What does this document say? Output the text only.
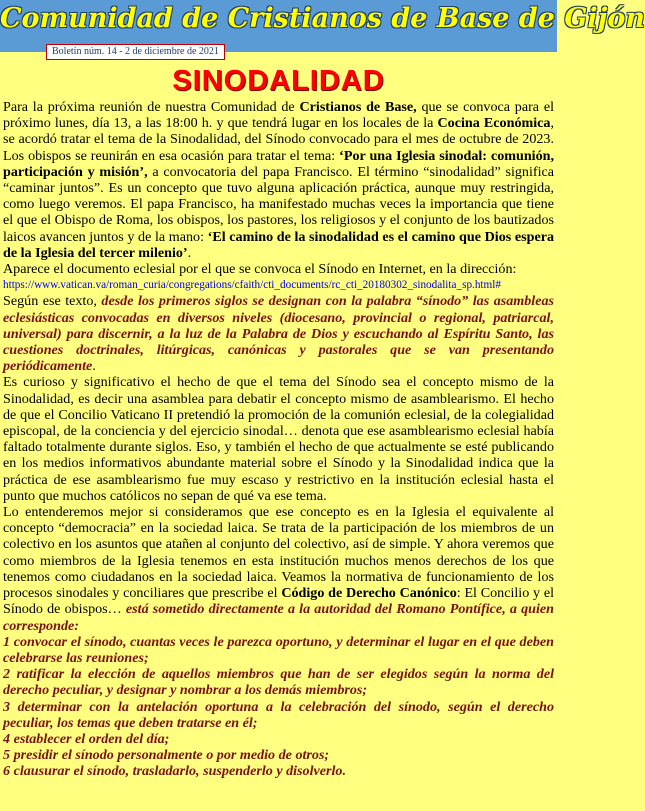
Comunidad de Cristianos de Base de Gijón
Boletín núm. 14 - 2 de diciembre de 2021
SINODALIDAD

Para la próxima reunión de nuestra Comunidad de Cristianos de Base, que se convoca para el próximo lunes, día 13, a las 18:00 h. y que tendrá lugar en los locales de la Cocina Económica, se acordó tratar el tema de la Sinodalidad, del Sínodo convocado para el mes de octubre de 2023. Los obispos se reunirán en esa ocasión para tratar el tema: ‘Por una Iglesia sinodal: comunión, participación y misión’, a convocatoria del papa Francisco. El término “sinodalidad” significa “caminar juntos”. Es un concepto que tuvo alguna aplicación práctica, aunque muy restringida, como luego veremos. El papa Francisco, ha manifestado muchas veces la importancia que tiene el que el Obispo de Roma, los obispos, los pastores, los religiosos y el conjunto de los bautizados laicos avancen juntos y de la mano: ‘El camino de la sinodalidad es el camino que Dios espera de la Iglesia del tercer milenio’.

Aparece el documento eclesial por el que se convoca el Sínodo en Internet, en la dirección:

https://www.vatican.va/roman_curia/congregations/cfaith/cti_documents/rc_cti_20180302_sinodalita_sp.html#

Según ese texto, desde los primeros siglos se designan con la palabra “sínodo” las asambleas eclesiásticas convocadas en diversos niveles (diocesano, provincial o regional, patriarcal, universal) para discernir, a la luz de la Palabra de Dios y escuchando al Espíritu Santo, las cuestiones doctrinales, litúrgicas, canónicas y pastorales que se van presentando periódicamente.

Es curioso y significativo el hecho de que el tema del Sínodo sea el concepto mismo de la Sinodalidad, es decir una asamblea para debatir el concepto mismo de asamblearismo. El hecho de que el Concilio Vaticano II pretendió la promoción de la comunión eclesial, de la colegialidad episcopal, de la conciencia y del ejercicio sinodal… denota que ese asamblearismo eclesial había faltado totalmente durante siglos. Eso, y también el hecho de que actualmente se esté publicando en los medios informativos abundante material sobre el Sínodo y la Sinodalidad indica que la práctica de ese asamblearismo fue muy escaso y restrictivo en la institución eclesial hasta el punto que muchos católicos no sepan de qué va ese tema.

Lo entenderemos mejor si consideramos que ese concepto es en la Iglesia el equivalente al concepto “democracia” en la sociedad laica. Se trata de la participación de los miembros de un colectivo en los asuntos que atañen al conjunto del colectivo, así de simple. Y ahora veremos que como miembros de la Iglesia tenemos en esta institución muchos menos derechos de los que tenemos como ciudadanos en la sociedad laica. Veamos la normativa de funcionamiento de los procesos sinodales y conciliares que prescribe el Código de Derecho Canónico: El Concilio y el Sínodo de obispos… está sometido directamente a la autoridad del Romano Pontífice, a quien corresponde:

1 convocar el sínodo, cuantas veces le parezca oportuno, y determinar el lugar en el que deben celebrarse las reuniones;

2 ratificar la elección de aquellos miembros que han de ser elegidos según la norma del derecho peculiar, y designar y nombrar a los demás miembros;

3 determinar con la antelación oportuna a la celebración del sínodo, según el derecho peculiar, los temas que deben tratarse en él;

4 establecer el orden del día;

5 presidir el sínodo personalmente o por medio de otros;

6 clausurar el sínodo, trasladarlo, suspenderlo y disolverlo.
